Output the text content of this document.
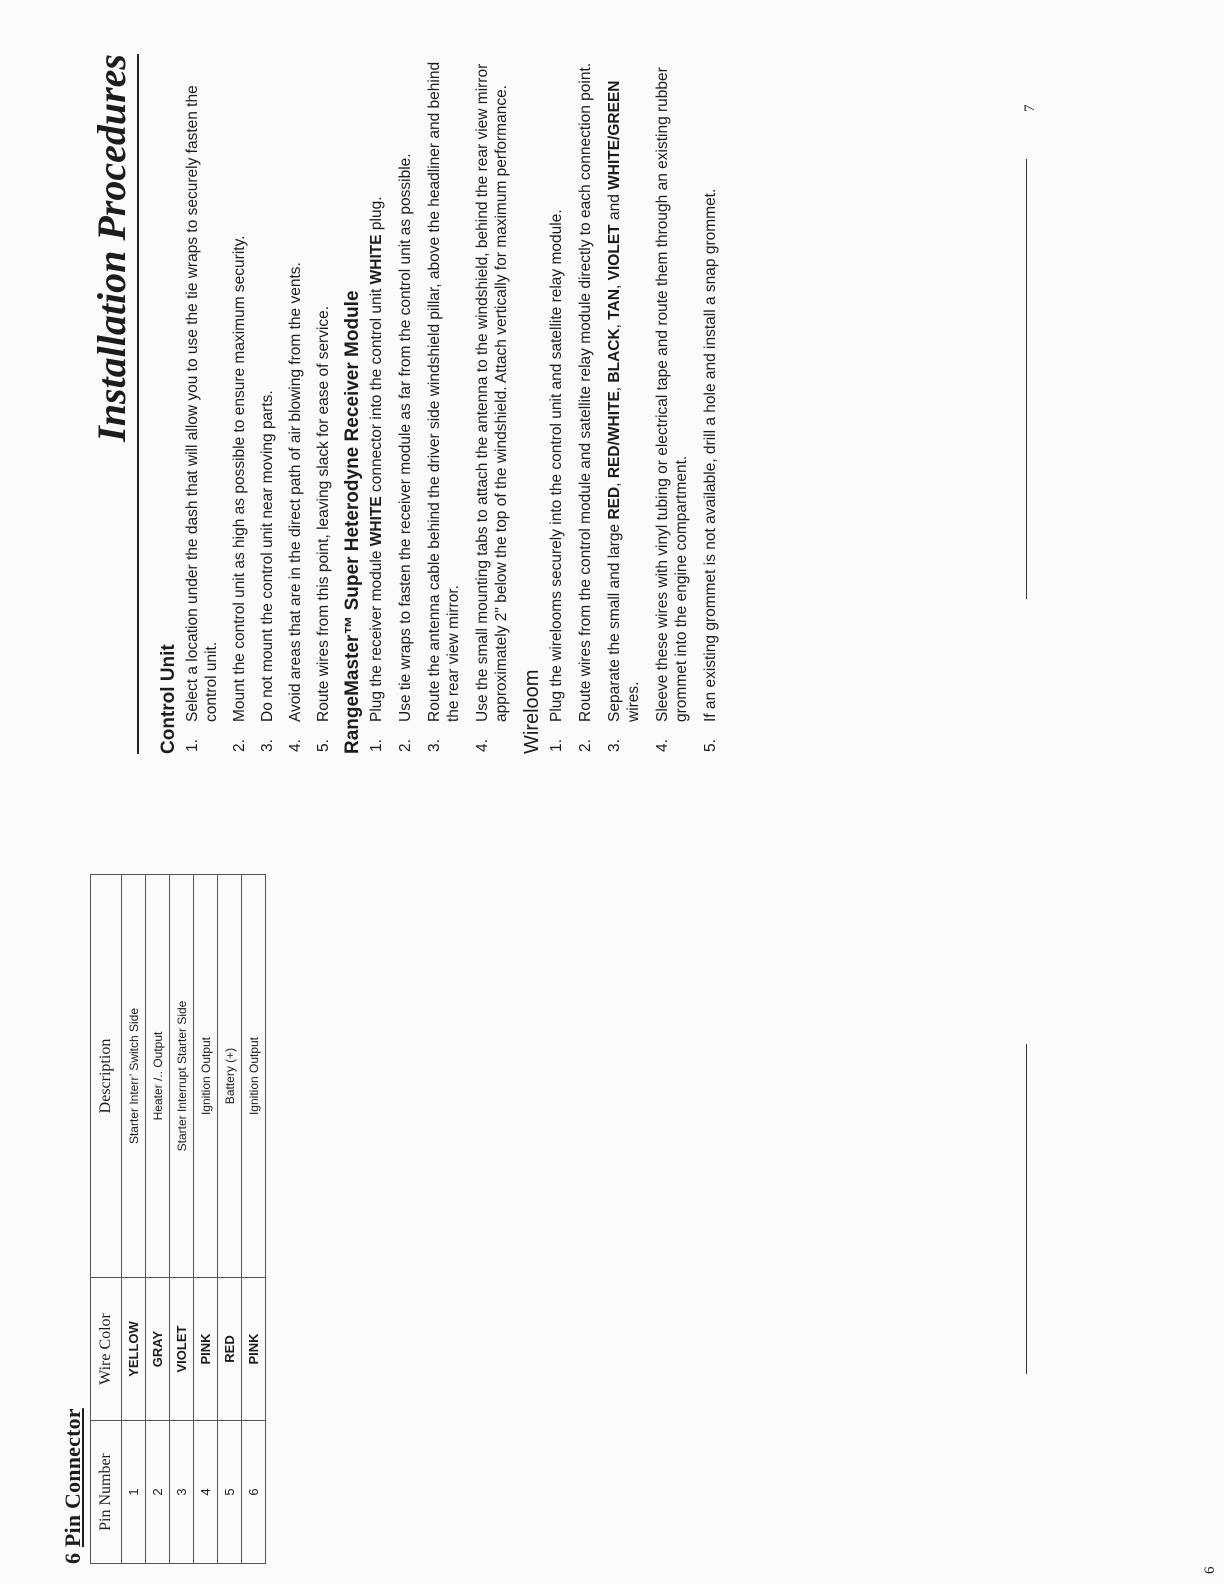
6 Pin Connector Pin Number	Wire Color	Description
1	YELLOW	Starter Interr’ Switch Side
2	GRAY	Heater /.. Output
3	VIOLET	Starter Interrupt Starter Side
4	PINK	Ignition Output
5	RED	Battery (+)
6	PINK	Ignition Output
6
Installation Procedures
Control Unit 1.
Select a location under the dash that will allow you to use the tie wraps to securely fasten the control unit.
2.
Mount the control unit as high as possible to ensure maximum security.
3.
Do not mount the control unit near moving parts.
4.
Avoid areas that are in the direct path of air blowing from the vents.
5.
Route wires from this point, leaving slack for ease of service. RangeMaster™ Super Heterodyne Receiver Module 1.
Plug the receiver module WHITE connector into the control unit WHITE plug.
2.
Use tie wraps to fasten the receiver module as far from the control unit as possible.
3.
Route the antenna cable behind the driver side windshield pillar, above the headliner and behind the rear view mirror.
4.
Use the small mounting tabs to attach the antenna to the windshield, behind the rear view mirror approximately 2" below the top of the windshield. Attach vertically for maximum performance. Wireloom 1.
Plug the wirelooms securely into the control unit and satellite relay module.
2.
Route wires from the control module and satellite relay module directly to each connection point.
3.
Separate the small and large RED, RED/WHITE, BLACK, TAN, VIOLET and WHITE/GREEN wires.
4.
Sleeve these wires with vinyl tubing or electrical tape and route them through an existing rubber grommet into the engine compartment.
5.
If an existing grommet is not available, drill a hole and install a snap grommet.
7
